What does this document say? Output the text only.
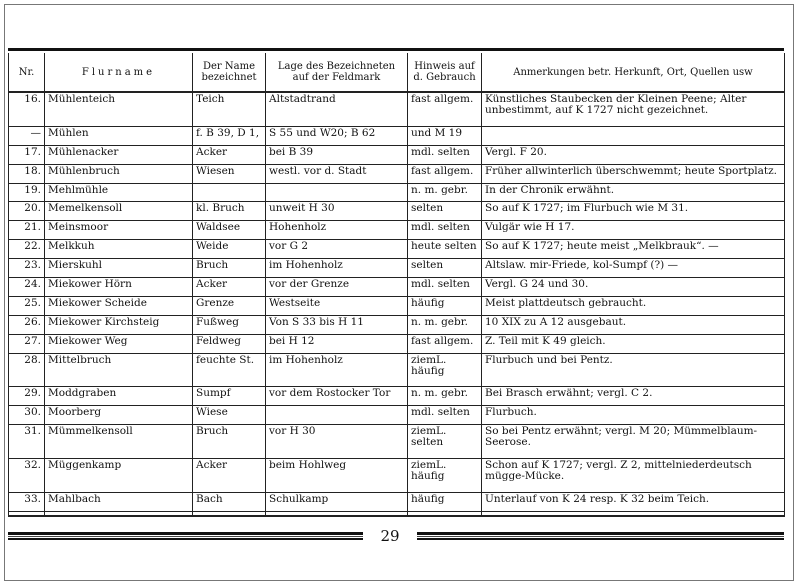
Nr.	Flurname	Der Name bezeichnet	Lage des Bezeichneten auf der Feldmark	Hinweis auf d. Gebrauch	Anmerkungen betr. Herkunft, Ort, Quellen usw
16.	Mühlenteich	Teich	Altstadtrand	fast allgem.	Künstliches Staubecken der Kleinen Peene; Alter unbestimmt, auf K 1727 nicht gezeichnet.
—	Mühlen	f. B 39, D 1,	S 55 und W20; B 62	und M 19	
17.	Mühlenacker	Acker	bei B 39	mdl. selten	Vergl. F 20.
18.	Mühlenbruch	Wiesen	westl. vor d. Stadt	fast allgem.	Früher allwinterlich überschwemmt; heute Sportplatz.
19.	Mehlmühle			n. m. gebr.	In der Chronik erwähnt.
20.	Memelkensoll	kl. Bruch	unweit H 30	selten	So auf K 1727; im Flurbuch wie M 31.
21.	Meinsmoor	Waldsee	Hohenholz	mdl. selten	Vulgär wie H 17.
22.	Melkkuh	Weide	vor G 2	heute selten	So auf K 1727; heute meist „Melkbrauk“. —
23.	Mierskuhl	Bruch	im Hohenholz	selten	Altslaw. mir-Friede, kol-Sumpf (?) —
24.	Miekower Hörn	Acker	vor der Grenze	mdl. selten	Vergl. G 24 und 30.
25.	Miekower Scheide	Grenze	Westseite	häufig	Meist plattdeutsch gebraucht.
26.	Miekower Kirchsteig	Fußweg	Von S 33 bis H 11	n. m. gebr.	10 XIX zu A 12 ausgebaut.
27.	Miekower Weg	Feldweg	bei H 12	fast allgem.	Z. Teil mit K 49 gleich.
28.	Mittelbruch	feuchte St.	im Hohenholz	ziemL. häufig	Flurbuch und bei Pentz.
29.	Moddgraben	Sumpf	vor dem Rostocker Tor	n. m. gebr.	Bei Brasch erwähnt; vergl. C 2.
30.	Moorberg	Wiese		mdl. selten	Flurbuch.
31.	Mümmelkensoll	Bruch	vor H 30	ziemL. selten	So bei Pentz erwähnt; vergl. M 20; Mümmelblaum-Seerose.
32.	Müggenkamp	Acker	beim Hohlweg	ziemL. häufig	Schon auf K 1727; vergl. Z 2, mittelniederdeutsch mügge-Mücke.
33.	Mahlbach	Bach	Schulkamp	häufig	Unterlauf von K 24 resp. K 32 beim Teich.

29
